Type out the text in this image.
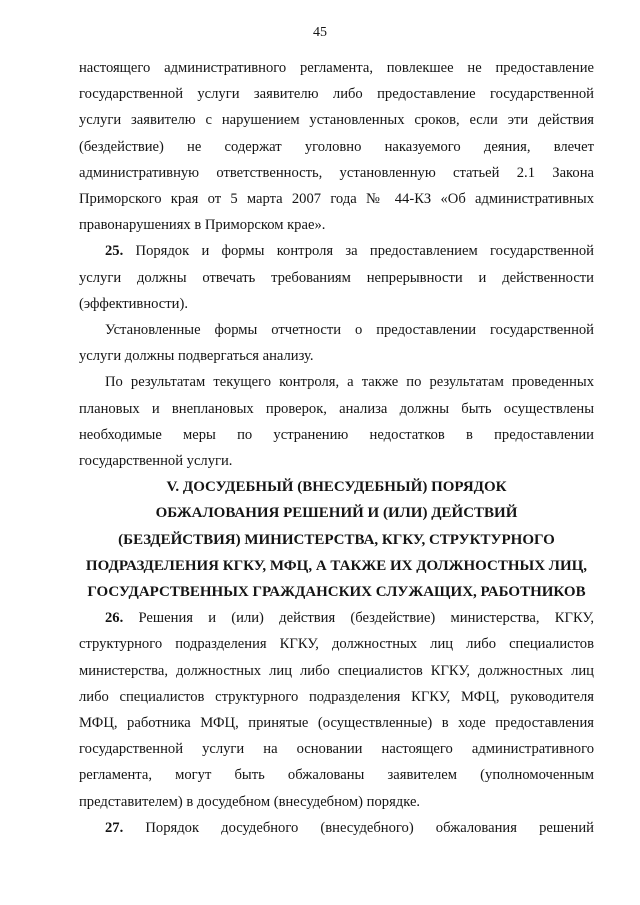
45
настоящего административного регламента, повлекшее не предоставление
государственной услуги заявителю либо предоставление государственной
услуги заявителю с нарушением установленных сроков, если эти действия
(бездействие) не содержат уголовно наказуемого деяния, влечет
административную ответственность, установленную статьей 2.1 Закона
Приморского края от 5 марта 2007 года № 44-КЗ «Об административных
правонарушениях в Приморском крае».
25. Порядок и формы контроля за предоставлением государственной
услуги должны отвечать требованиям непрерывности и действенности
(эффективности).
Установленные формы отчетности о предоставлении государственной
услуги должны подвергаться анализу.
По результатам текущего контроля, а также по результатам проведенных
плановых и внеплановых проверок, анализа должны быть осуществлены
необходимые меры по устранению недостатков в предоставлении
государственной услуги.
V. ДОСУДЕБНЫЙ (ВНЕСУДЕБНЫЙ) ПОРЯДОК
ОБЖАЛОВАНИЯ РЕШЕНИЙ И (ИЛИ) ДЕЙСТВИЙ
(БЕЗДЕЙСТВИЯ) МИНИСТЕРСТВА, КГКУ, СТРУКТУРНОГО
ПОДРАЗДЕЛЕНИЯ КГКУ, МФЦ, А ТАКЖЕ ИХ ДОЛЖНОСТНЫХ ЛИЦ,
ГОСУДАРСТВЕННЫХ ГРАЖДАНСКИХ СЛУЖАЩИХ, РАБОТНИКОВ
26. Решения и (или) действия (бездействие) министерства, КГКУ,
структурного подразделения КГКУ, должностных лиц либо специалистов
министерства, должностных лиц либо специалистов КГКУ, должностных лиц
либо специалистов структурного подразделения КГКУ, МФЦ, руководителя
МФЦ, работника МФЦ, принятые (осуществленные) в ходе предоставления
государственной услуги на основании настоящего административного
регламента, могут быть обжалованы заявителем (уполномоченным
представителем) в досудебном (внесудебном) порядке.
27. Порядок досудебного (внесудебного) обжалования решений
